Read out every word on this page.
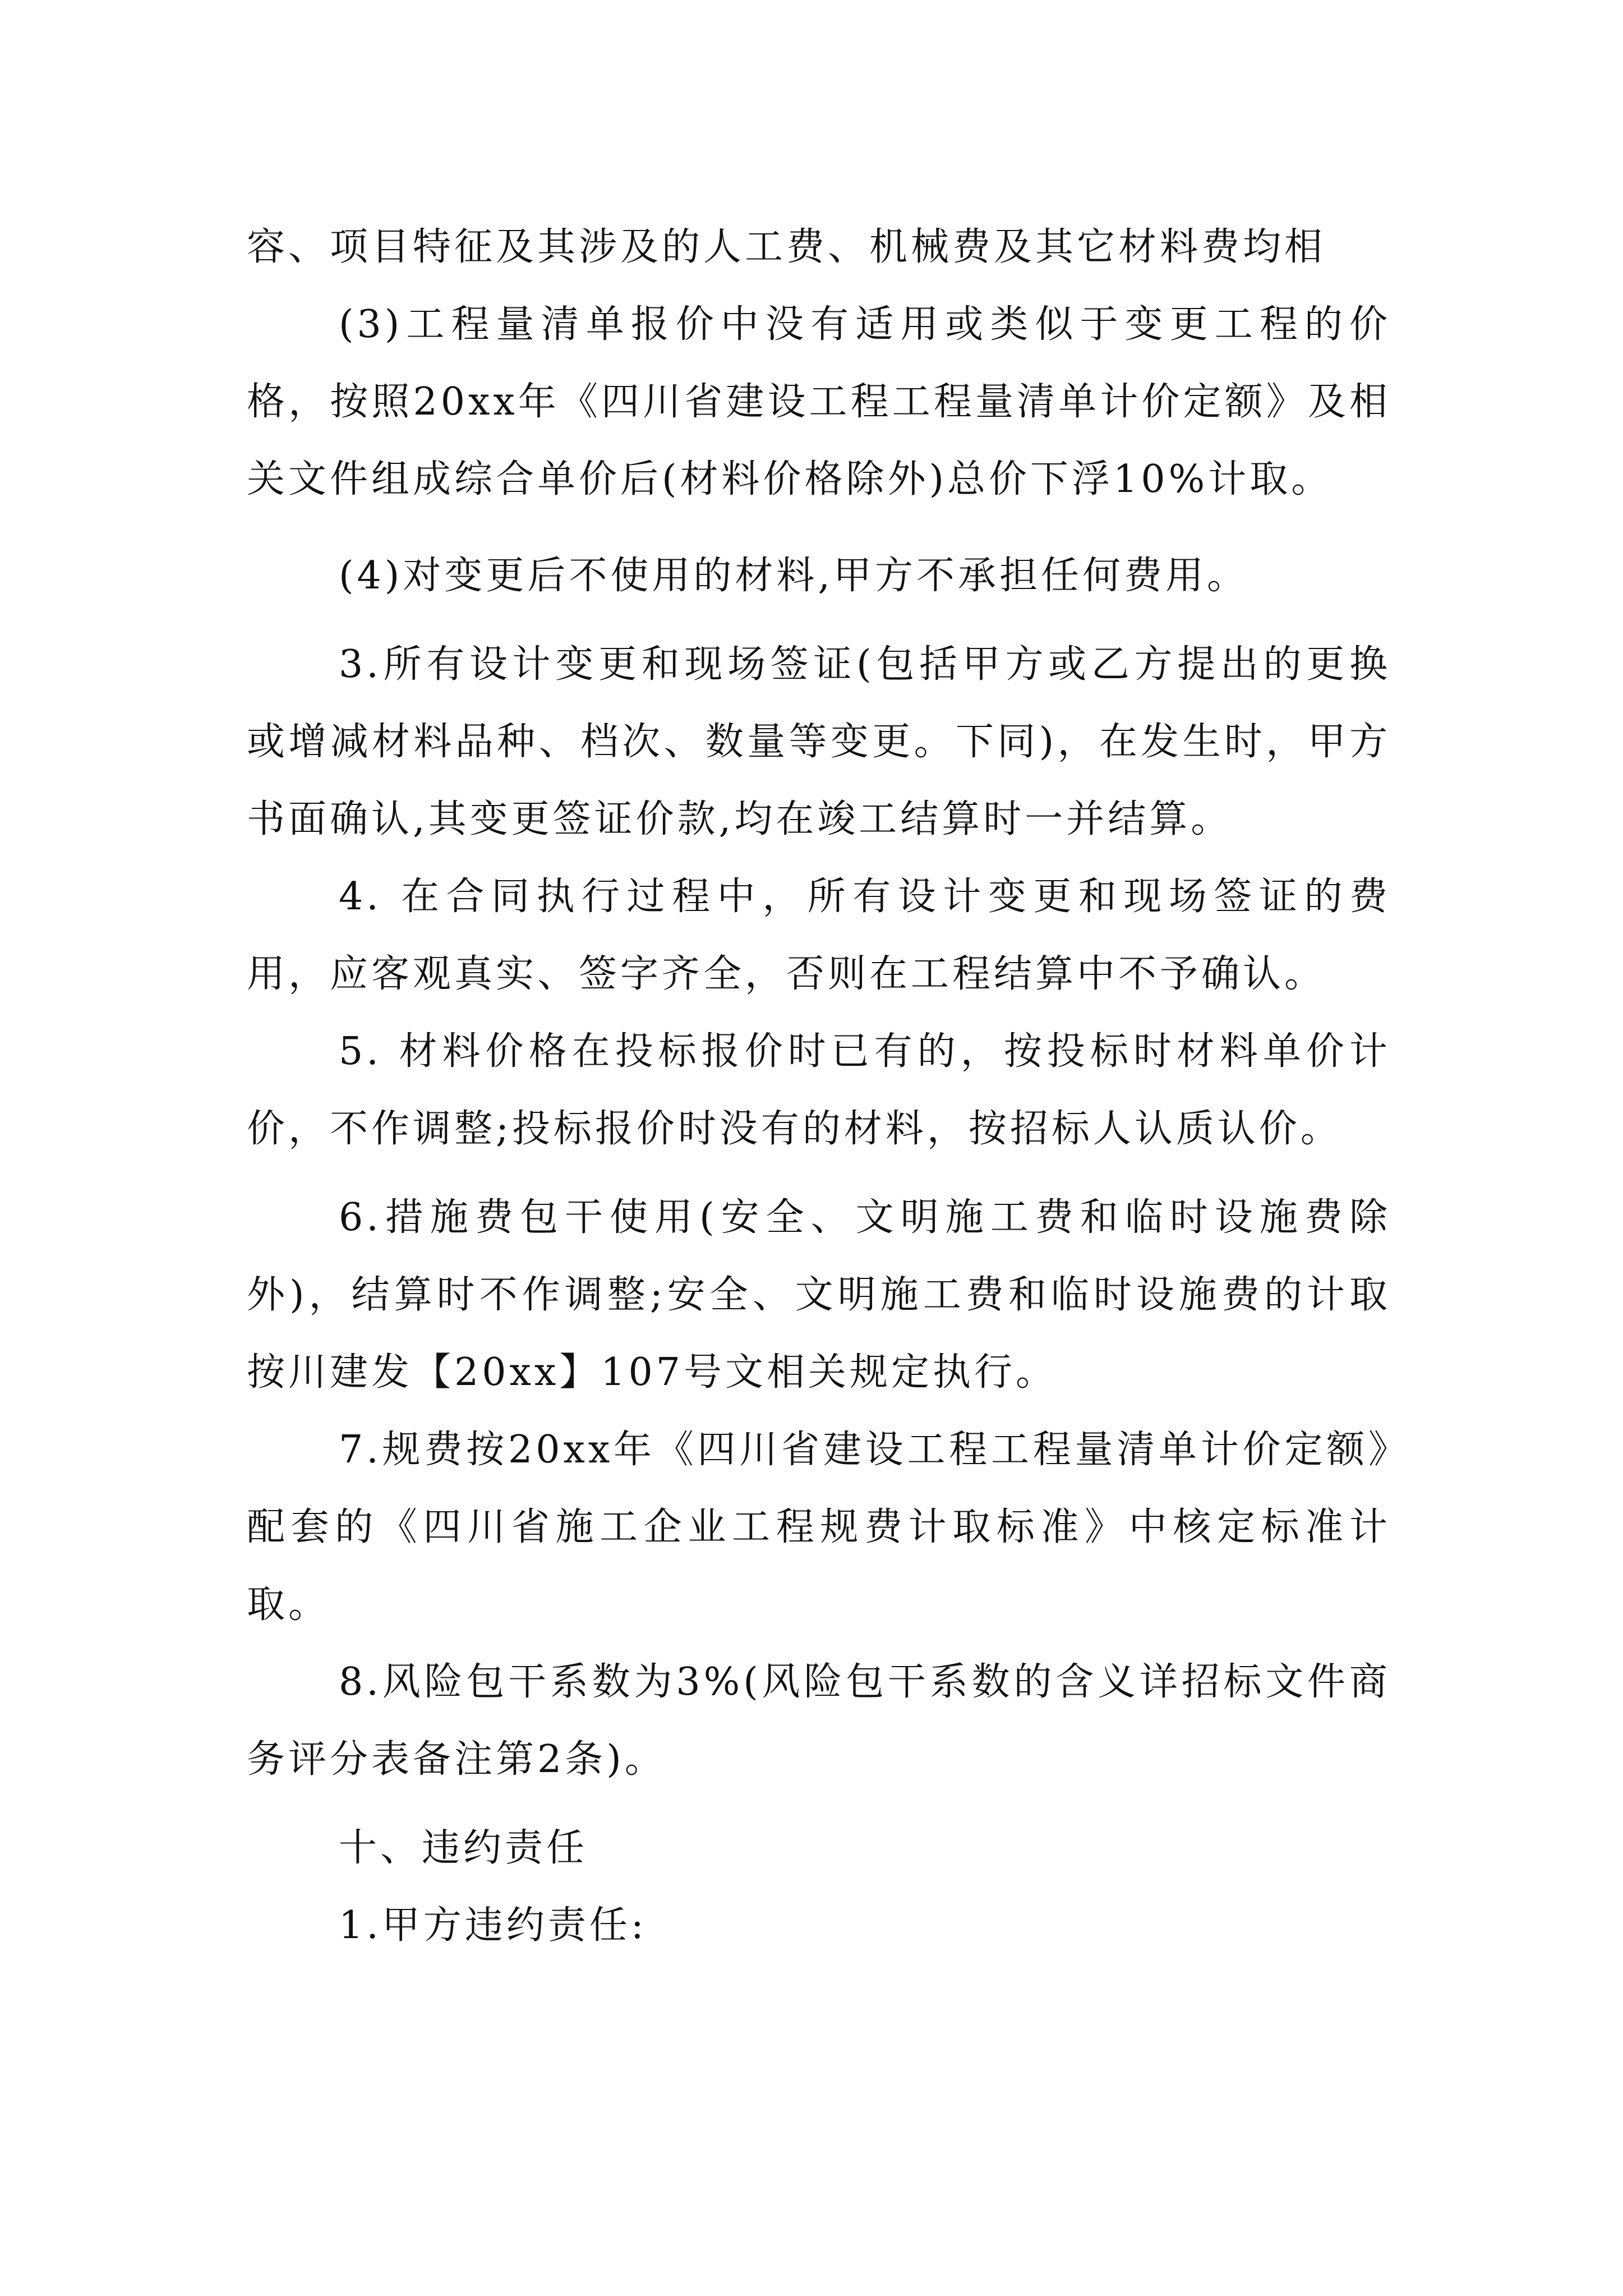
容、项目特征及其涉及的人工费、机械费及其它材料费均相

(3)工程量清单报价中没有适用或类似于变更工程的价格，按照20xx年《四川省建设工程工程量清单计价定额》及相关文件组成综合单价后(材料价格除外)总价下浮10%计取。

(4)对变更后不使用的材料,甲方不承担任何费用。

3.所有设计变更和现场签证(包括甲方或乙方提出的更换或增减材料品种、档次、数量等变更。下同)，在发生时，甲方书面确认,其变更签证价款,均在竣工结算时一并结算。

4. 在合同执行过程中，所有设计变更和现场签证的费用，应客观真实、签字齐全，否则在工程结算中不予确认。

5. 材料价格在投标报价时已有的，按投标时材料单价计价，不作调整;投标报价时没有的材料，按招标人认质认价。

6.措施费包干使用(安全、文明施工费和临时设施费除外)，结算时不作调整;安全、文明施工费和临时设施费的计取按川建发【20xx】107号文相关规定执行。

7.规费按20xx年《四川省建设工程工程量清单计价定额》配套的《四川省施工企业工程规费计取标准》中核定标准计取。

8.风险包干系数为3%(风险包干系数的含义详招标文件商务评分表备注第2条)。

十、违约责任

1.甲方违约责任:
